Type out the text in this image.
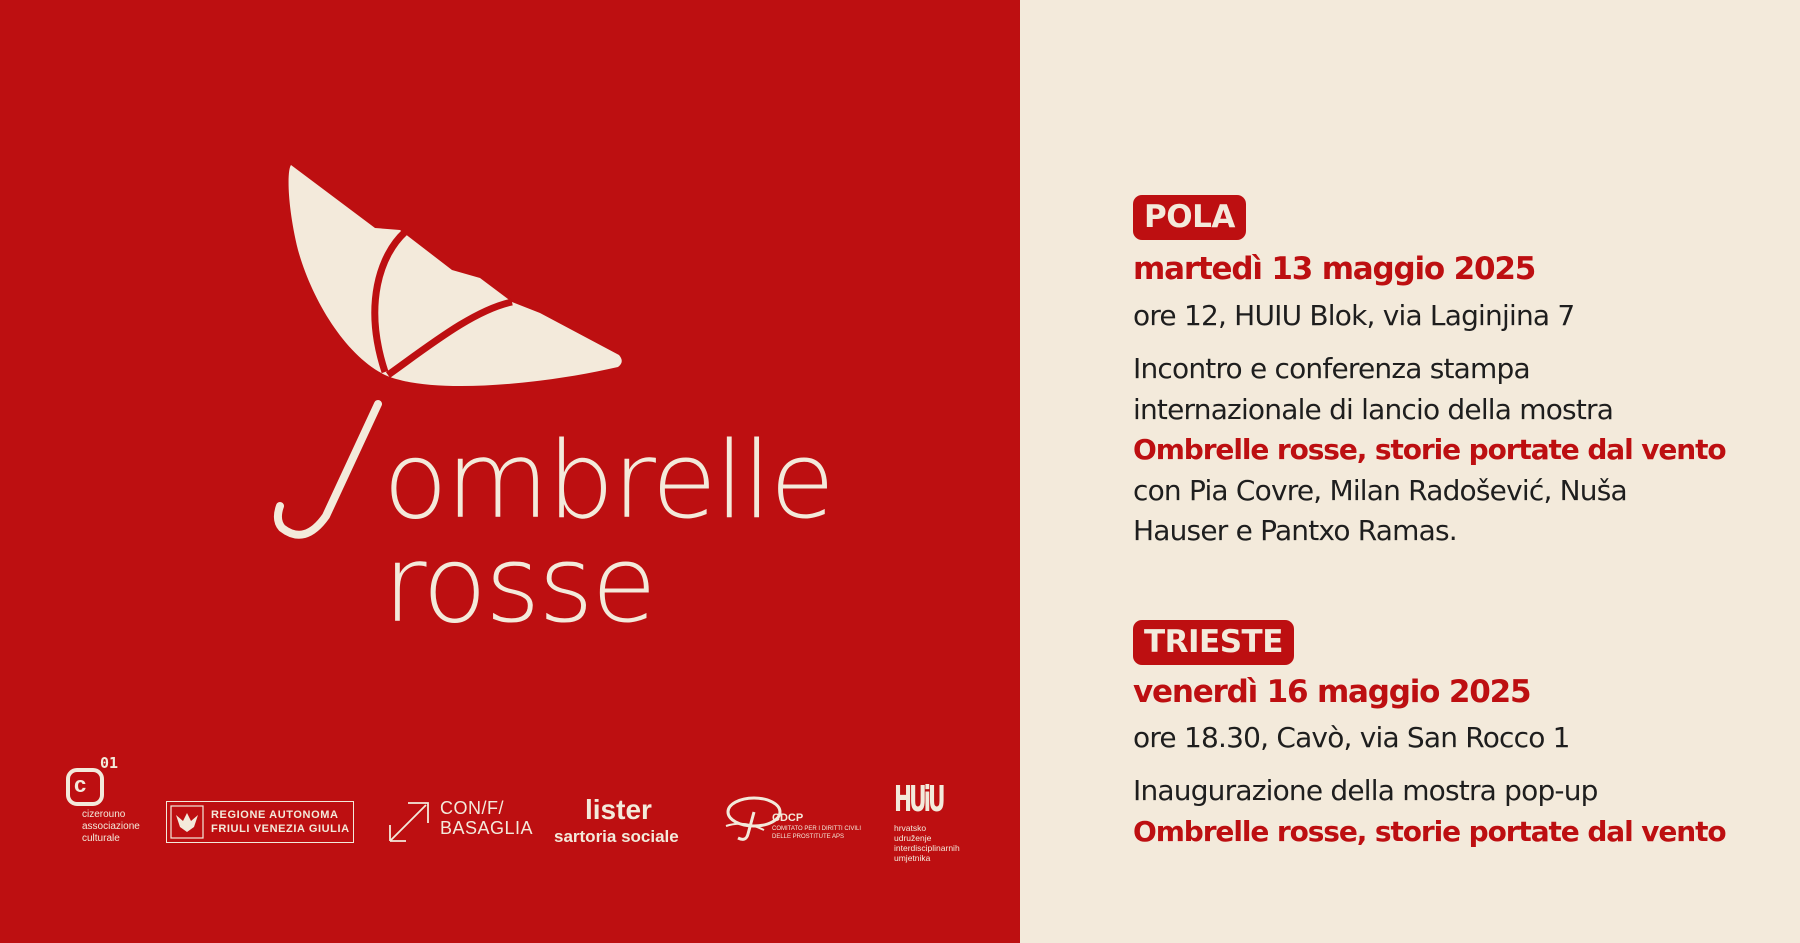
ombrelle
rosse
c
01
cizerouno
associazione
culturale
REGIONE AUTONOMA
FRIULI VENEZIA GIULIA
CON/F/
BASAGLIA
lister
sartoria sociale
CDCP
COMITATO PER I DIRITTI CIVILI
DELLE PROSTITUTE APS
HUiU
hrvatsko
udruženje
interdisciplinarnih
umjetnika
POLA
martedì 13 maggio 2025
ore 12, HUIU Blok, via Laginjina 7
Incontro e conferenza stampa
internazionale di lancio della mostra
Ombrelle rosse, storie portate dal vento
con Pia Covre, Milan Radošević, Nuša
Hauser e Pantxo Ramas.
TRIESTE
venerdì 16 maggio 2025
ore 18.30, Cavò, via San Rocco 1
Inaugurazione della mostra pop-up
Ombrelle rosse, storie portate dal vento
